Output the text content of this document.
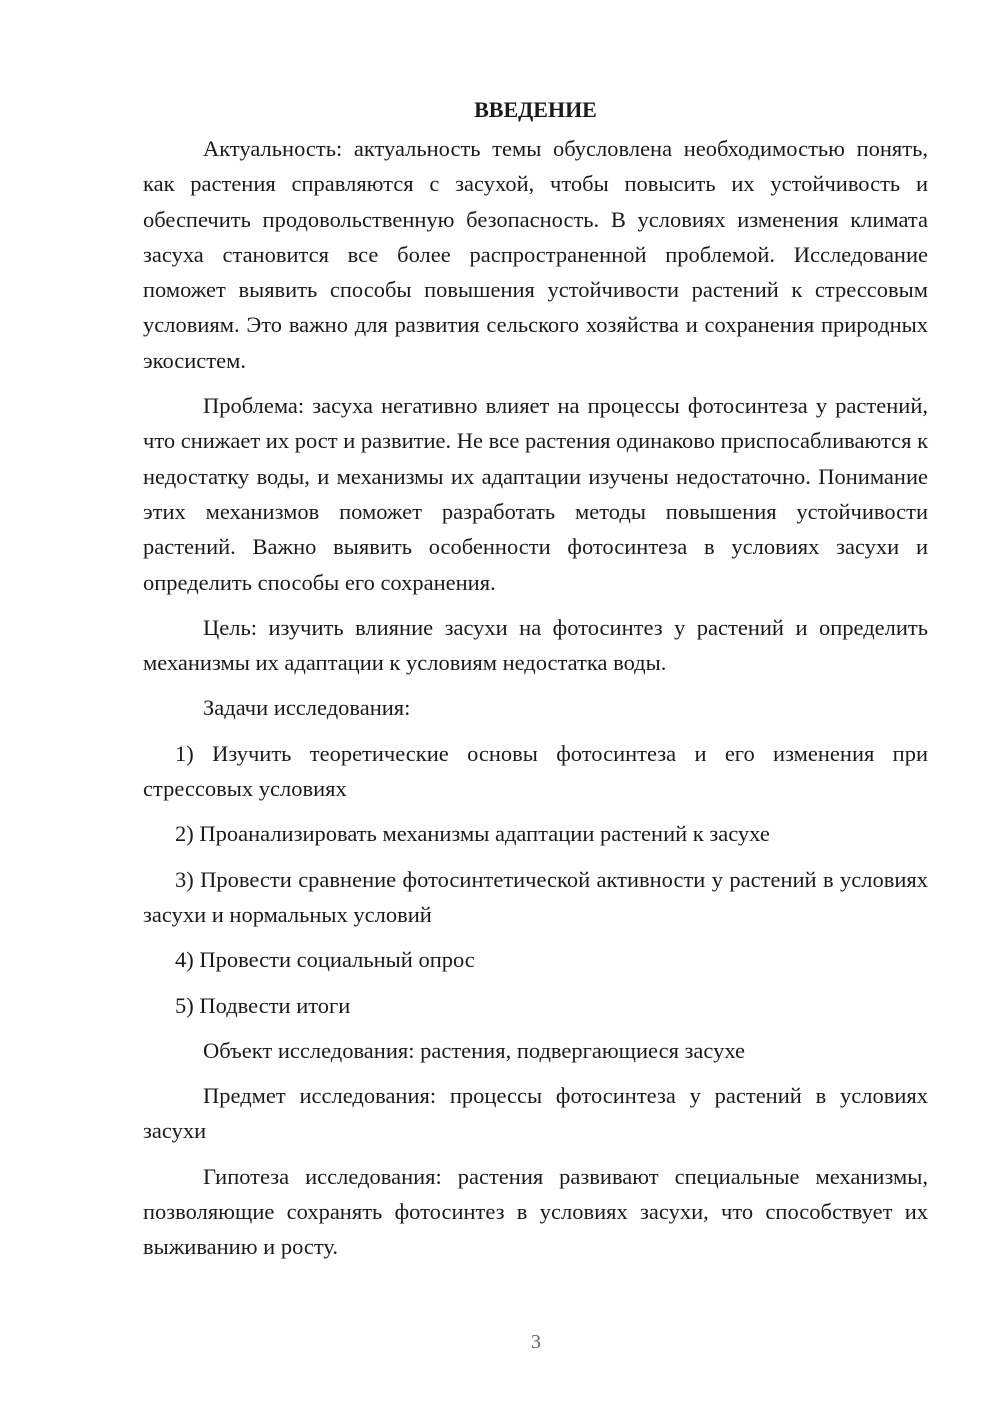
ВВЕДЕНИЕ

Актуальность: актуальность темы обусловлена необходимостью понять, как растения справляются с засухой, чтобы повысить их устойчивость и обеспечить продовольственную безопасность. В условиях изменения климата засуха становится все более распространенной проблемой. Исследование поможет выявить способы повышения устойчивости растений к стрессовым условиям. Это важно для развития сельского хозяйства и сохранения природных экосистем.

Проблема: засуха негативно влияет на процессы фотосинтеза у растений, что снижает их рост и развитие. Не все растения одинаково приспосабливаются к недостатку воды, и механизмы их адаптации изучены недостаточно. Понимание этих механизмов поможет разработать методы повышения устойчивости растений. Важно выявить особенности фотосинтеза в условиях засухи и определить способы его сохранения.

Цель: изучить влияние засухи на фотосинтез у растений и определить механизмы их адаптации к условиям недостатка воды.

Задачи исследования:

1) Изучить теоретические основы фотосинтеза и его изменения при стрессовых условиях

2) Проанализировать механизмы адаптации растений к засухе

3) Провести сравнение фотосинтетической активности у растений в условиях засухи и нормальных условий

4) Провести социальный опрос

5) Подвести итоги

Объект исследования: растения, подвергающиеся засухе

Предмет исследования: процессы фотосинтеза у растений в условиях засухи

Гипотеза исследования: растения развивают специальные механизмы, позволяющие сохранять фотосинтез в условиях засухи, что способствует их выживанию и росту.

3
